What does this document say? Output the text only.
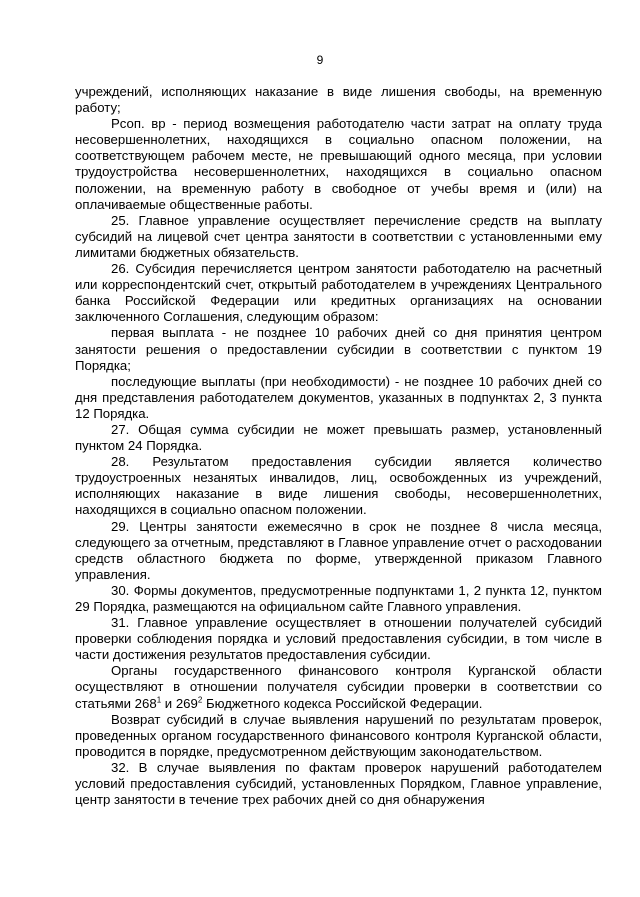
9

учреждений, исполняющих наказание в виде лишения свободы, на временную работу;

Рсоп. вр - период возмещения работодателю части затрат на оплату труда несовершеннолетних, находящихся в социально опасном положении, на соответствующем рабочем месте, не превышающий одного месяца, при условии трудоустройства несовершеннолетних, находящихся в социально опасном положении, на временную работу в свободное от учебы время и (или) на оплачиваемые общественные работы.

25. Главное управление осуществляет перечисление средств на выплату субсидий на лицевой счет центра занятости в соответствии с установленными ему лимитами бюджетных обязательств.

26. Субсидия перечисляется центром занятости работодателю на расчетный или корреспондентский счет, открытый работодателем в учреждениях Центрального банка Российской Федерации или кредитных организациях на основании заключенного Соглашения, следующим образом:

первая выплата - не позднее 10 рабочих дней со дня принятия центром занятости решения о предоставлении субсидии в соответствии с пунктом 19 Порядка;

последующие выплаты (при необходимости) - не позднее 10 рабочих дней со дня представления работодателем документов, указанных в подпунктах 2, 3 пункта 12 Порядка.

27. Общая сумма субсидии не может превышать размер, установленный пунктом 24 Порядка.

28. Результатом предоставления субсидии является количество трудоустроенных незанятых инвалидов, лиц, освобожденных из учреждений, исполняющих наказание в виде лишения свободы, несовершеннолетних, находящихся в социально опасном положении.

29. Центры занятости ежемесячно в срок не позднее 8 числа месяца, следующего за отчетным, представляют в Главное управление отчет о расходовании средств областного бюджета по форме, утвержденной приказом Главного управления.

30. Формы документов, предусмотренные подпунктами 1, 2 пункта 12, пунктом 29 Порядка, размещаются на официальном сайте Главного управления.

31. Главное управление осуществляет в отношении получателей субсидий проверки соблюдения порядка и условий предоставления субсидии, в том числе в части достижения результатов предоставления субсидии.

Органы государственного финансового контроля Курганской области осуществляют в отношении получателя субсидии проверки в соответствии со статьями $268^1$ и $269^2$ Бюджетного кодекса Российской Федерации.

Возврат субсидий в случае выявления нарушений по результатам проверок, проведенных органом государственного финансового контроля Курганской области, проводится в порядке, предусмотренном действующим законодательством.

32. В случае выявления по фактам проверок нарушений работодателем условий предоставления субсидий, установленных Порядком, Главное управление, центр занятости в течение трех рабочих дней со дня обнаружения
